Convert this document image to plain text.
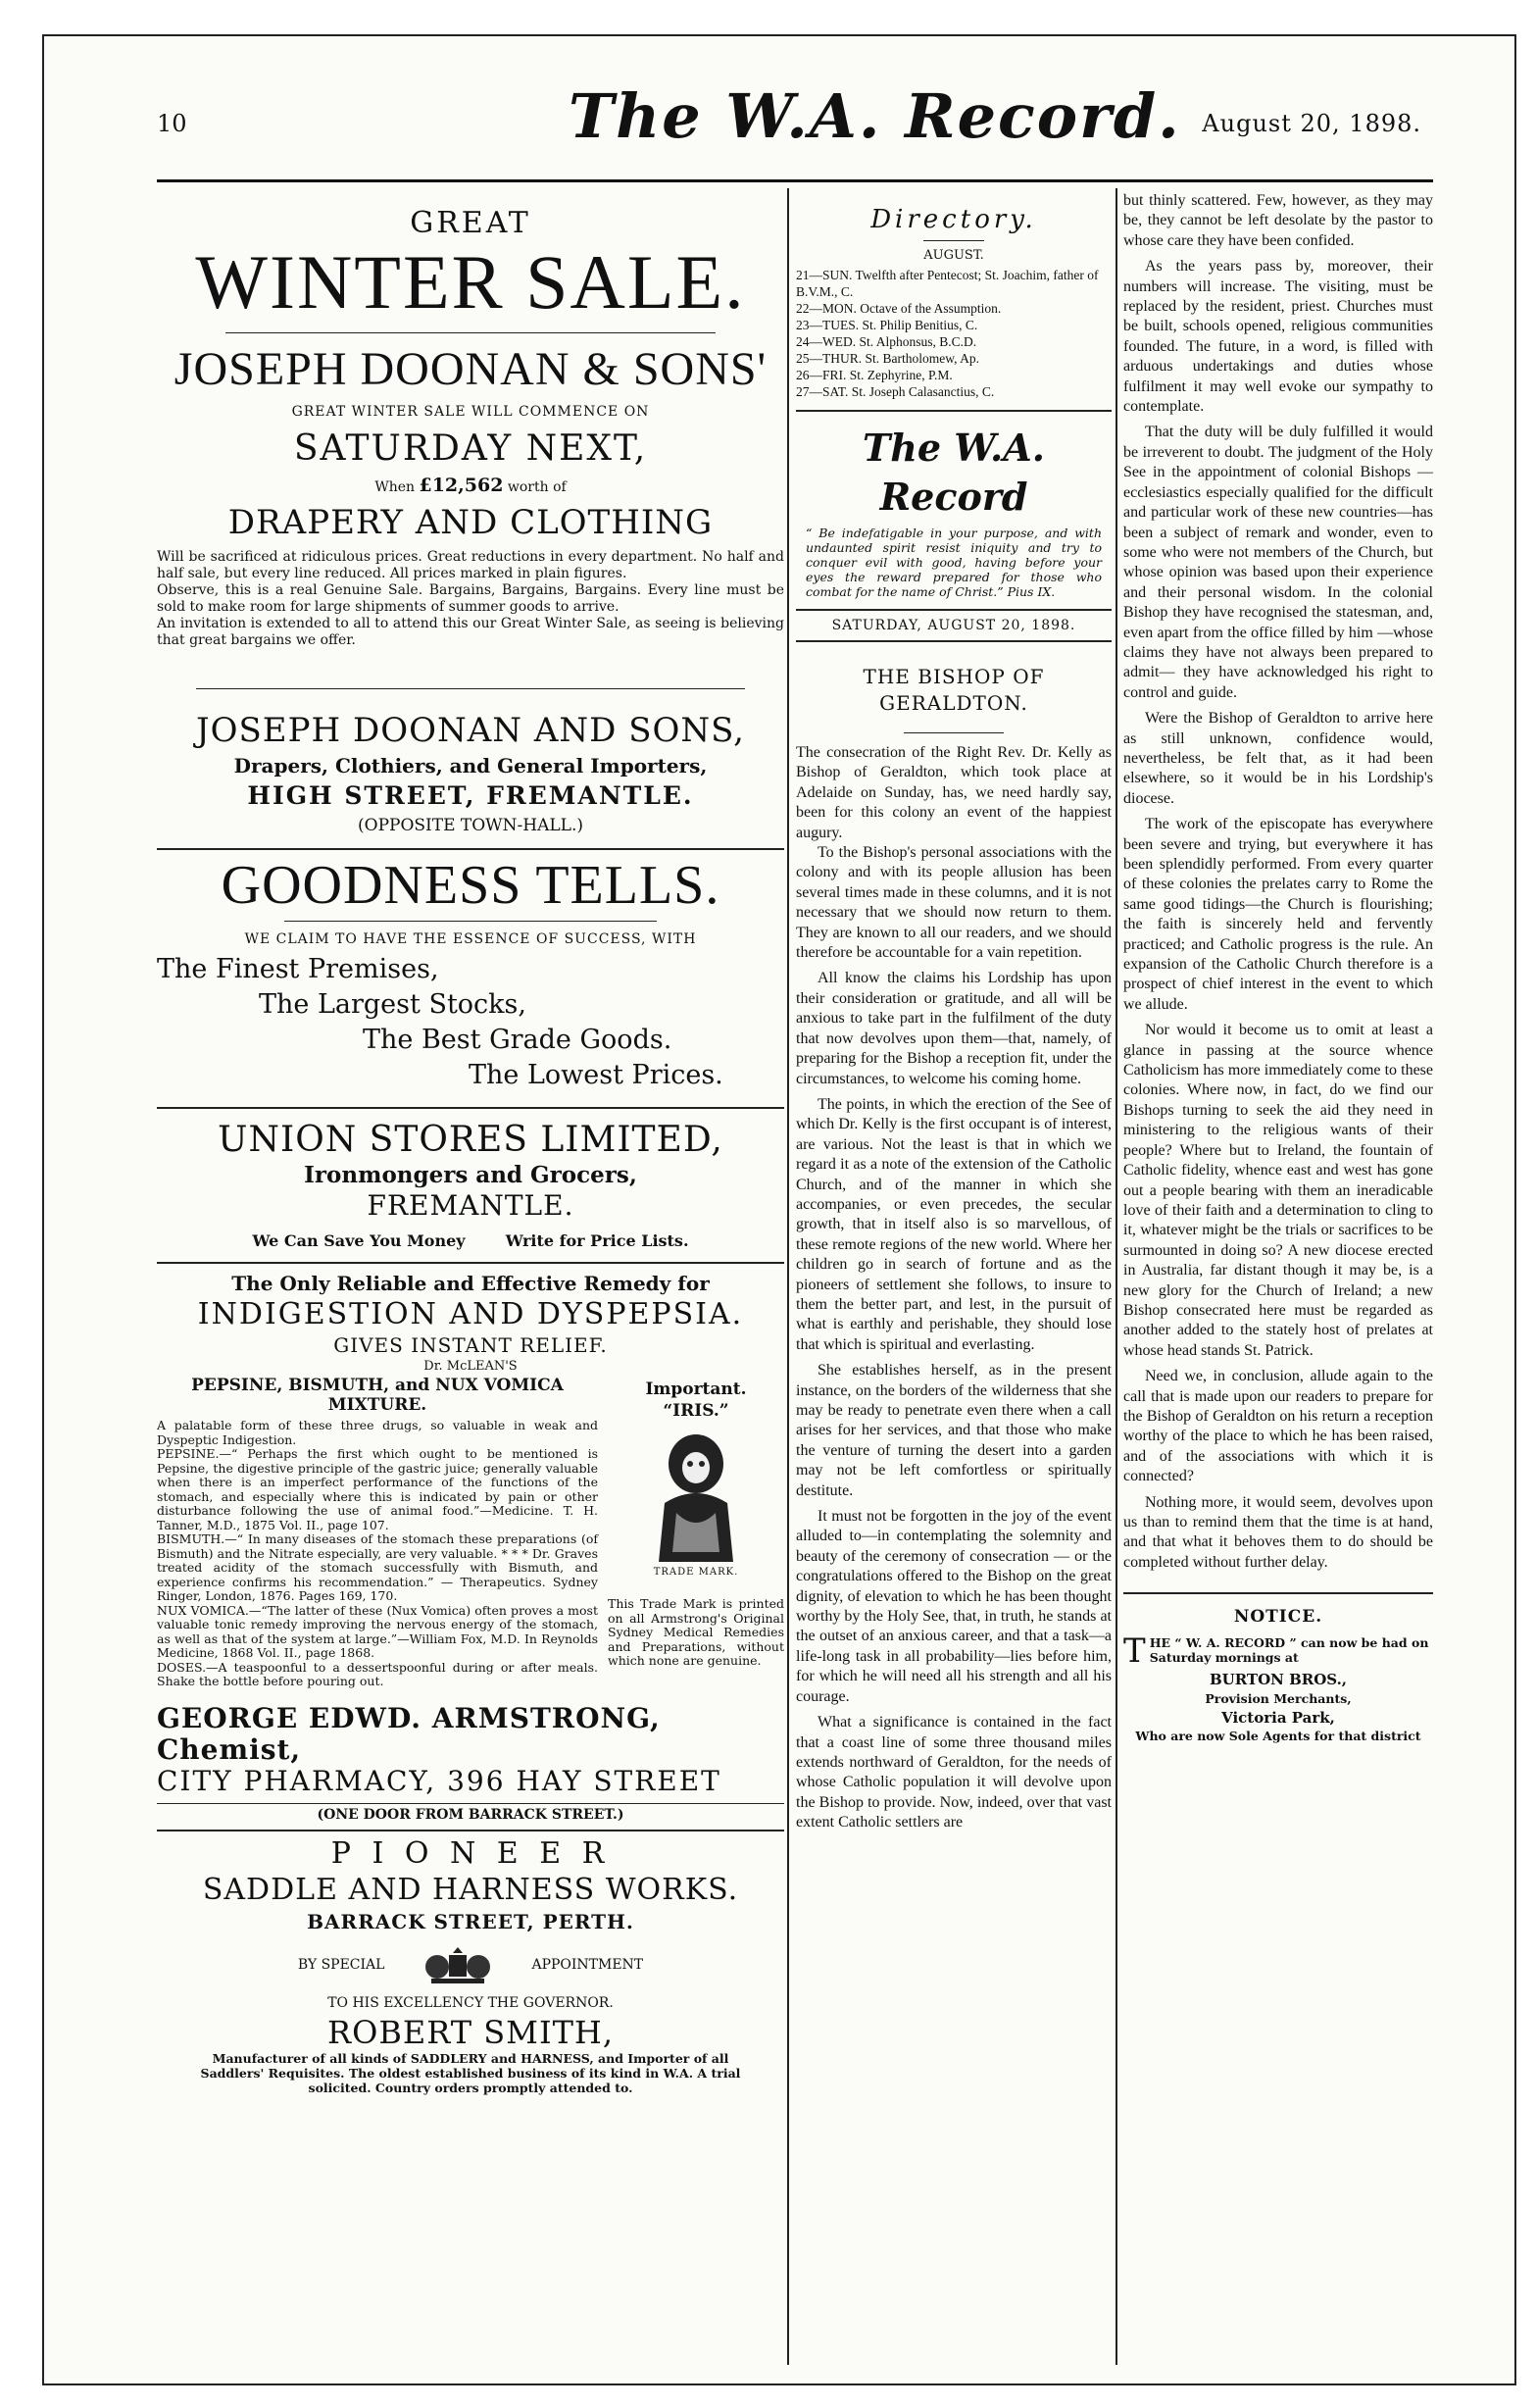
10	The W.A. Record. August 20, 1898.
GREAT
WINTER SALE.
JOSEPH DOONAN & SONS'
GREAT WINTER SALE WILL COMMENCE ON
SATURDAY NEXT,
When £12,562 worth of
DRAPERY AND CLOTHING
Will be sacrificed at ridiculous prices. Great reductions in every department. No half and half sale, but every line reduced. All prices marked in plain figures.
Observe, this is a real Genuine Sale. Bargains, Bargains, Bargains. Every line must be sold to make room for large shipments of summer goods to arrive.
An invitation is extended to all to attend this our Great Winter Sale, as seeing is believing that great bargains we offer.
JOSEPH DOONAN AND SONS,
Drapers, Clothiers, and General Importers,
HIGH STREET, FREMANTLE.
(OPPOSITE TOWN-HALL.)
GOODNESS TELLS.
WE CLAIM TO HAVE THE ESSENCE OF SUCCESS, WITH
The Finest Premises,
The Largest Stocks,
The Best Grade Goods.
The Lowest Prices.
UNION STORES LIMITED,
Ironmongers and Grocers,
FREMANTLE.
We Can Save You Money	Write for Price Lists.
The Only Reliable and Effective Remedy for
INDIGESTION AND DYSPEPSIA.
GIVES INSTANT RELIEF.
Dr. McLEAN'S
PEPSINE, BISMUTH, and NUX VOMICA MIXTURE.
A palatable form of these three drugs, so valuable in weak and Dyspeptic Indigestion.
PEPSINE.—“ Perhaps the first which ought to be mentioned is Pepsine, the digestive principle of the gastric juice; generally valuable when there is an imperfect performance of the functions of the stomach, and especially where this is indicated by pain or other disturbance following the use of animal food.”—Medicine. T. H. Tanner, M.D., 1875 Vol. II., page 107.
BISMUTH.—“ In many diseases of the stomach these preparations (of Bismuth) and the Nitrate especially, are very valuable. * * * Dr. Graves treated acidity of the stomach successfully with Bismuth, and experience confirms his recommendation.” — Therapeutics. Sydney Ringer, London, 1876. Pages 169, 170.
NUX VOMICA.—“The latter of these (Nux Vomica) often proves a most valuable tonic remedy improving the nervous energy of the stomach, as well as that of the system at large.”—William Fox, M.D. In Reynolds Medicine, 1868 Vol. II., page 1868.
DOSES.—A teaspoonful to a dessertspoonful during or after meals. Shake the bottle before pouring out.
Important.
“IRIS.”
TRADE MARK.
This Trade Mark is printed on all Armstrong's Original Sydney Medical Remedies and Preparations, without which none are genuine.
GEORGE EDWD. ARMSTRONG, Chemist,
CITY PHARMACY, 396 HAY STREET
(ONE DOOR FROM BARRACK STREET.)
P I O N E E R
SADDLE AND HARNESS WORKS.
BARRACK STREET, PERTH.
BY SPECIAL	APPOINTMENT
TO HIS EXCELLENCY THE GOVERNOR.
ROBERT SMITH,
Manufacturer of all kinds of SADDLERY and HARNESS, and Importer of all Saddlers' Requisites. The oldest established business of its kind in W.A. A trial solicited. Country orders promptly attended to.
Directory.
AUGUST.
21—SUN. Twelfth after Pentecost; St. Joachim, father of B.V.M., C.
22—MON. Octave of the Assumption.
23—TUES. St. Philip Benitius, C.
24—WED. St. Alphonsus, B.C.D.
25—THUR. St. Bartholomew, Ap.
26—FRI. St. Zephyrine, P.M.
27—SAT. St. Joseph Calasanctius, C.
The W.A. Record
“ Be indefatigable in your purpose, and with undaunted spirit resist iniquity and try to conquer evil with good, having before your eyes the reward prepared for those who combat for the name of Christ.” Pius IX.
SATURDAY, AUGUST 20, 1898.
THE BISHOP OF GERALDTON.

The consecration of the Right Rev. Dr. Kelly as Bishop of Geraldton, which took place at Adelaide on Sunday, has, we need hardly say, been for this colony an event of the happiest augury.

To the Bishop's personal associations with the colony and with its people allusion has been several times made in these columns, and it is not necessary that we should now return to them. They are known to all our readers, and we should therefore be accountable for a vain repetition.

All know the claims his Lordship has upon their consideration or gratitude, and all will be anxious to take part in the fulfilment of the duty that now devolves upon them—that, namely, of preparing for the Bishop a reception fit, under the circumstances, to welcome his coming home.

The points, in which the erection of the See of which Dr. Kelly is the first occupant is of interest, are various. Not the least is that in which we regard it as a note of the extension of the Catholic Church, and of the manner in which she accompanies, or even precedes, the secular growth, that in itself also is so marvellous, of these remote regions of the new world. Where her children go in search of fortune and as the pioneers of settlement she follows, to insure to them the better part, and lest, in the pursuit of what is earthly and perishable, they should lose that which is spiritual and everlasting.

She establishes herself, as in the present instance, on the borders of the wilderness that she may be ready to penetrate even there when a call arises for her services, and that those who make the venture of turning the desert into a garden may not be left comfortless or spiritually destitute.

It must not be forgotten in the joy of the event alluded to—in contemplating the solemnity and beauty of the ceremony of consecration — or the congratulations offered to the Bishop on the great dignity, of elevation to which he has been thought worthy by the Holy See, that, in truth, he stands at the outset of an anxious career, and that a task—a life-long task in all probability—lies before him, for which he will need all his strength and all his courage.

What a significance is contained in the fact that a coast line of some three thousand miles extends northward of Geraldton, for the needs of whose Catholic population it will devolve upon the Bishop to provide. Now, indeed, over that vast extent Catholic settlers are

but thinly scattered. Few, however, as they may be, they cannot be left desolate by the pastor to whose care they have been confided.

As the years pass by, moreover, their numbers will increase. The visiting, must be replaced by the resident, priest. Churches must be built, schools opened, religious communities founded. The future, in a word, is filled with arduous undertakings and duties whose fulfilment it may well evoke our sympathy to contemplate.

That the duty will be duly fulfilled it would be irreverent to doubt. The judgment of the Holy See in the appointment of colonial Bishops — ecclesiastics especially qualified for the difficult and particular work of these new countries—has been a subject of remark and wonder, even to some who were not members of the Church, but whose opinion was based upon their experience and their personal wisdom. In the colonial Bishop they have recognised the statesman, and, even apart from the office filled by him —whose claims they have not always been prepared to admit— they have acknowledged his right to control and guide.

Were the Bishop of Geraldton to arrive here as still unknown, confidence would, nevertheless, be felt that, as it had been elsewhere, so it would be in his Lordship's diocese.

The work of the episcopate has everywhere been severe and trying, but everywhere it has been splendidly performed. From every quarter of these colonies the prelates carry to Rome the same good tidings—the Church is flourishing; the faith is sincerely held and fervently practiced; and Catholic progress is the rule. An expansion of the Catholic Church therefore is a prospect of chief interest in the event to which we allude.

Nor would it become us to omit at least a glance in passing at the source whence Catholicism has more immediately come to these colonies. Where now, in fact, do we find our Bishops turning to seek the aid they need in ministering to the religious wants of their people? Where but to Ireland, the fountain of Catholic fidelity, whence east and west has gone out a people bearing with them an ineradicable love of their faith and a determination to cling to it, whatever might be the trials or sacrifices to be surmounted in doing so? A new diocese erected in Australia, far distant though it may be, is a new glory for the Church of Ireland; a new Bishop consecrated here must be regarded as another added to the stately host of prelates at whose head stands St. Patrick.

Need we, in conclusion, allude again to the call that is made upon our readers to prepare for the Bishop of Geraldton on his return a reception worthy of the place to which he has been raised, and of the associations with which it is connected?

Nothing more, it would seem, devolves upon us than to remind them that the time is at hand, and that what it behoves them to do should be completed without further delay.

NOTICE.
T HE “ W. A. RECORD ” can now be had on Saturday mornings at
BURTON BROS.,
Provision Merchants,
Victoria Park,
Who are now Sole Agents for that district
